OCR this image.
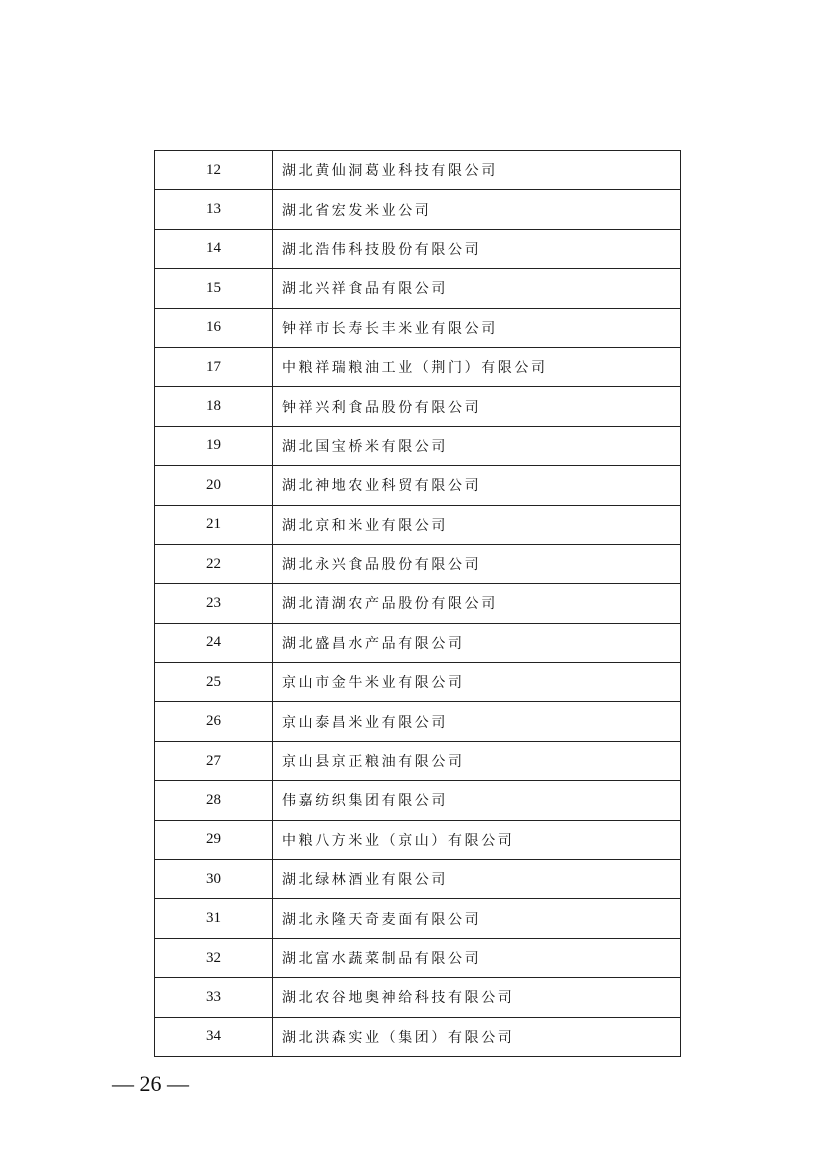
12	湖北黄仙洞葛业科技有限公司
13	湖北省宏发米业公司
14	湖北浩伟科技股份有限公司
15	湖北兴祥食品有限公司
16	钟祥市长寿长丰米业有限公司
17	中粮祥瑞粮油工业（荆门）有限公司
18	钟祥兴利食品股份有限公司
19	湖北国宝桥米有限公司
20	湖北神地农业科贸有限公司
21	湖北京和米业有限公司
22	湖北永兴食品股份有限公司
23	湖北清湖农产品股份有限公司
24	湖北盛昌水产品有限公司
25	京山市金牛米业有限公司
26	京山泰昌米业有限公司
27	京山县京正粮油有限公司
28	伟嘉纺织集团有限公司
29	中粮八方米业（京山）有限公司
30	湖北绿林酒业有限公司
31	湖北永隆天奇麦面有限公司
32	湖北富水蔬菜制品有限公司
33	湖北农谷地奥神给科技有限公司
34	湖北洪森实业（集团）有限公司
— 26 —
